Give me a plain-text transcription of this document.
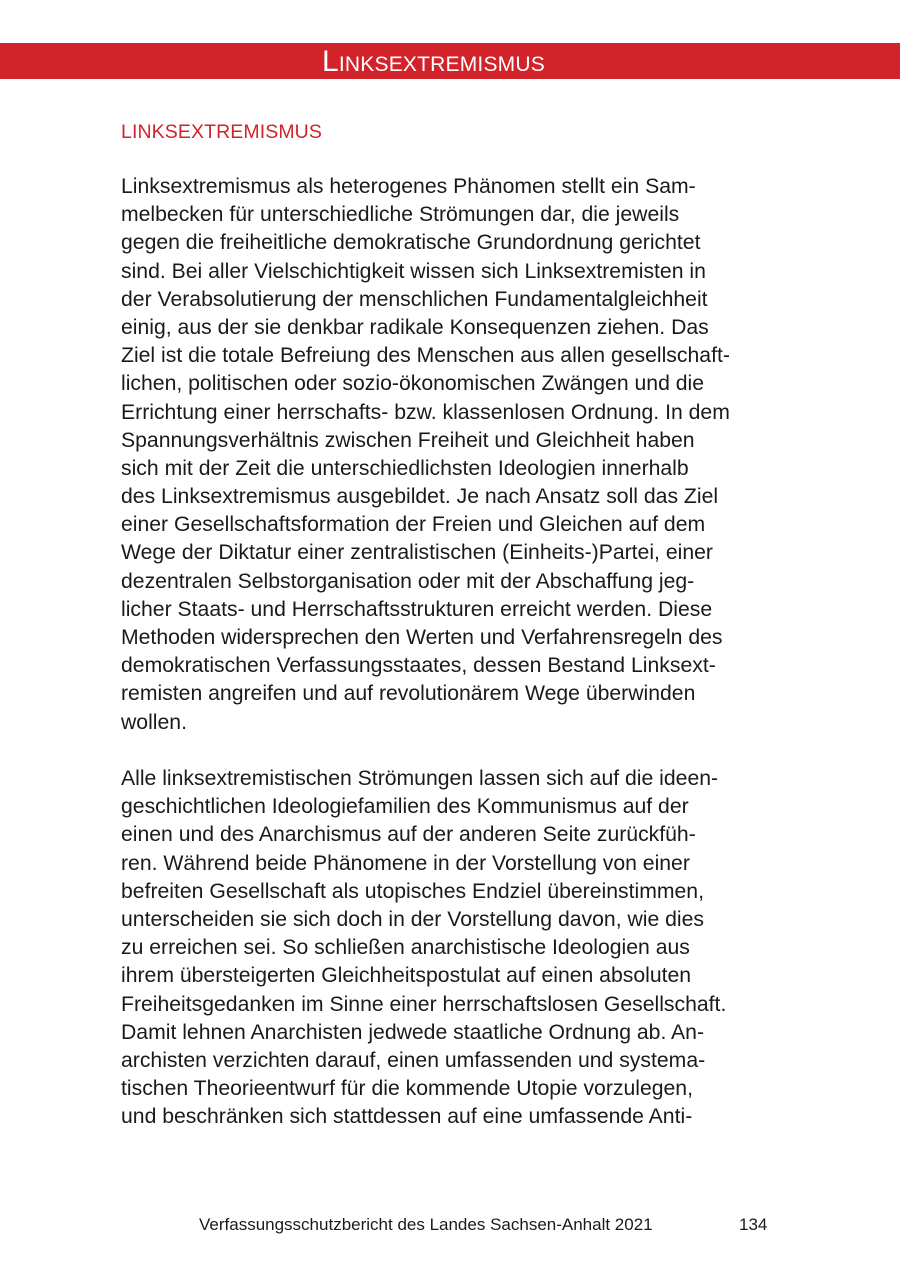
Linksextremismus
LINKSEXTREMISMUS
Linksextremismus als heterogenes Phänomen stellt ein Sam-
melbecken für unterschiedliche Strömungen dar, die jeweils
gegen die freiheitliche demokratische Grundordnung gerichtet
sind. Bei aller Vielschichtigkeit wissen sich Linksextremisten in
der Verabsolutierung der menschlichen Fundamentalgleichheit
einig, aus der sie denkbar radikale Konsequenzen ziehen. Das
Ziel ist die totale Befreiung des Menschen aus allen gesellschaft-
lichen, politischen oder sozio-ökonomischen Zwängen und die
Errichtung einer herrschafts- bzw. klassenlosen Ordnung. In dem
Spannungsverhältnis zwischen Freiheit und Gleichheit haben
sich mit der Zeit die unterschiedlichsten Ideologien innerhalb
des Linksextremismus ausgebildet. Je nach Ansatz soll das Ziel
einer Gesellschaftsformation der Freien und Gleichen auf dem
Wege der Diktatur einer zentralistischen (Einheits-)Partei, einer
dezentralen Selbstorganisation oder mit der Abschaffung jeg-
licher Staats- und Herrschaftsstrukturen erreicht werden. Diese
Methoden widersprechen den Werten und Verfahrensregeln des
demokratischen Verfassungsstaates, dessen Bestand Linksext-
remisten angreifen und auf revolutionärem Wege überwinden
wollen.
Alle linksextremistischen Strömungen lassen sich auf die ideen-
geschichtlichen Ideologiefamilien des Kommunismus auf der
einen und des Anarchismus auf der anderen Seite zurückfüh-
ren. Während beide Phänomene in der Vorstellung von einer
befreiten Gesellschaft als utopisches Endziel übereinstimmen,
unterscheiden sie sich doch in der Vorstellung davon, wie dies
zu erreichen sei. So schließen anarchistische Ideologien aus
ihrem übersteigerten Gleichheitspostulat auf einen absoluten
Freiheitsgedanken im Sinne einer herrschaftslosen Gesellschaft.
Damit lehnen Anarchisten jedwede staatliche Ordnung ab. An-
archisten verzichten darauf, einen umfassenden und systema-
tischen Theorieentwurf für die kommende Utopie vorzulegen,
und beschränken sich stattdessen auf eine umfassende Anti-

Verfassungsschutzbericht des Landes Sachsen-Anhalt 2021	134
